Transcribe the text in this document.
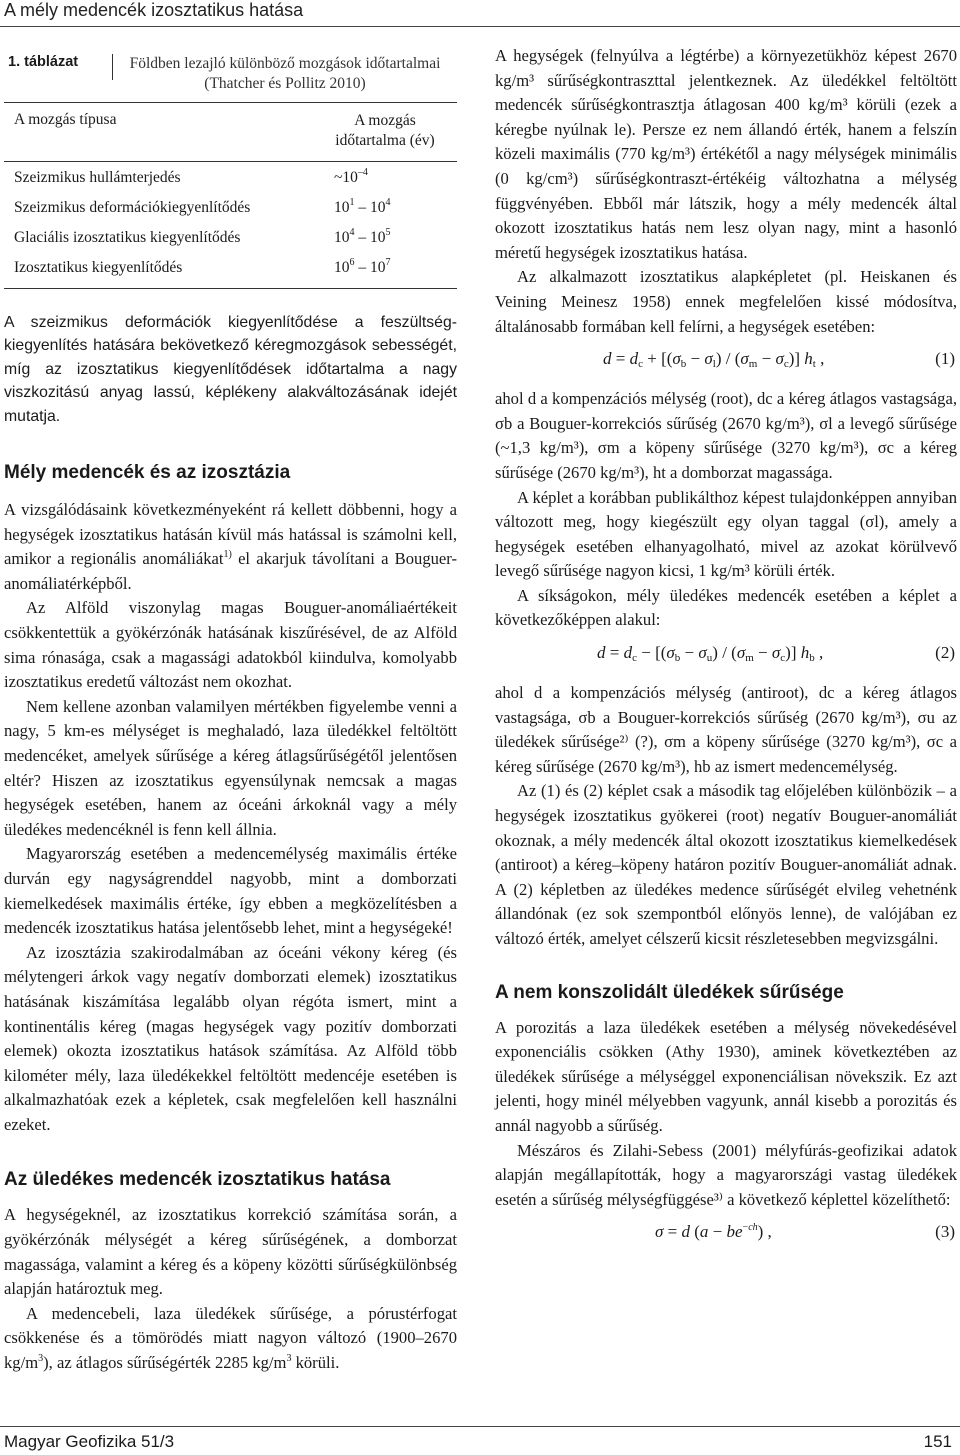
A mély medencék izosztatikus hatása
1. táblázat	Földben lezajló különböző mozgások időtartalmai
(Thatcher és Pollitz 2010)
A mozgás típusa	A mozgás
időtartalma (év)
Szeizmikus hullámterjedés	$\sim 10^{-4}$
Szeizmikus deformációkiegyenlítődés	$10^1 - 10^4$
Glaciális izosztatikus kiegyenlítődés	$10^4 - 10^5$
Izosztatikus kiegyenlítődés	$10^6 - 10^7$

A szeizmikus deformációk kiegyenlítődése a feszültség-kiegyenlítés hatására bekövetkező kéregmozgások sebességét, míg az izosztatikus kiegyenlítődések időtartalma a nagy viszkozitású anyag lassú, képlékeny alakváltozásának idejét mutatja.

Mély medencék és az izosztázia

A vizsgálódásaink következményeként rá kellett döbbenni, hogy a hegységek izosztatikus hatásán kívül más hatással is számolni kell, amikor a regionális anomáliákat$^{1)}$ el akarjuk távolítani a Bouguer-anomáliatérképből.

Az Alföld viszonylag magas Bouguer-anomáliaértékeit csökkentettük a gyökérzónák hatásának kiszűrésével, de az Alföld sima rónasága, csak a magassági adatokból kiindulva, komolyabb izosztatikus eredetű változást nem okozhat.

Nem kellene azonban valamilyen mértékben figyelembe venni a nagy, 5 km-es mélységet is meghaladó, laza üledékkel feltöltött medencéket, amelyek sűrűsége a kéreg átlagsűrűségétől jelentősen eltér? Hiszen az izosztatikus egyensúlynak nemcsak a magas hegységek esetében, hanem az óceáni árkoknál vagy a mély üledékes medencéknél is fenn kell állnia.

Magyarország esetében a medencemélység maximális értéke durván egy nagyságrenddel nagyobb, mint a domborzati kiemelkedések maximális értéke, így ebben a megközelítésben a medencék izosztatikus hatása jelentősebb lehet, mint a hegységeké!

Az izosztázia szakirodalmában az óceáni vékony kéreg (és mélytengeri árkok vagy negatív domborzati elemek) izosztatikus hatásának kiszámítása legalább olyan régóta ismert, mint a kontinentális kéreg (magas hegységek vagy pozitív domborzati elemek) okozta izosztatikus hatások számítása. Az Alföld több kilométer mély, laza üledékekkel feltöltött medencéje esetében is alkalmazhatóak ezek a képletek, csak megfelelően kell használni ezeket.

Az üledékes medencék izosztatikus hatása

A hegységeknél, az izosztatikus korrekció számítása során, a gyökérzónák mélységét a kéreg sűrűségének, a domborzat magassága, valamint a kéreg és a köpeny közötti sűrűségkülönbség alapján határoztuk meg.

A medencebeli, laza üledékek sűrűsége, a pórustérfogat csökkenése és a tömörödés miatt nagyon változó (1900–2670 $kg/m^3$), az átlagos sűrűségérték 2285 $kg/m^3$ körüli.

A hegységek (felnyúlva a légtérbe) a környezetükhöz képest 2670 kg/m³ sűrűségkontraszttal jelentkeznek. Az üledékkel feltöltött medencék sűrűségkontrasztja átlagosan 400 kg/m³ körüli (ezek a kéregbe nyúlnak le). Persze ez nem állandó érték, hanem a felszín közeli maximális (770 kg/m³) értékétől a nagy mélységek minimális (0 kg/cm³) sűrűségkontraszt-értékéig változhatna a mélység függvényében. Ebből már látszik, hogy a mély medencék által okozott izosztatikus hatás nem lesz olyan nagy, mint a hasonló méretű hegységek izosztatikus hatása.

Az alkalmazott izosztatikus alapképletet (pl. Heiskanen és Veining Meinesz 1958) ennek megfelelően kissé módosítva, általánosabb formában kell felírni, a hegységek esetében:

$d = d_c + [(\sigma_b - \sigma_l) / (\sigma_m - \sigma_c)]$ $h_t$ ,	(1)

ahol d a kompenzációs mélység (root), dc a kéreg átlagos vastagsága, σb a Bouguer-korrekciós sűrűség (2670 kg/m³), σl a levegő sűrűsége (~1,3 kg/m³), σm a köpeny sűrűsége (3270 kg/m³), σc a kéreg sűrűsége (2670 kg/m³), ht a domborzat magassága.

A képlet a korábban publikálthoz képest tulajdonképpen annyiban változott meg, hogy kiegészült egy olyan taggal (σl), amely a hegységek esetében elhanyagolható, mivel az azokat körülvevő levegő sűrűsége nagyon kicsi, 1 kg/m³ körüli érték.

A síkságokon, mély üledékes medencék esetében a képlet a következőképpen alakul:

$d = d_c - [(\sigma_b - \sigma_u) / (\sigma_m - \sigma_c)]$ $h_b$ ,	(2)

ahol d a kompenzációs mélység (antiroot), dc a kéreg átlagos vastagsága, σb a Bouguer-korrekciós sűrűség (2670 kg/m³), σu az üledékek sűrűsége²⁾ (?), σm a köpeny sűrűsége (3270 kg/m³), σc a kéreg sűrűsége (2670 kg/m³), hb az ismert medencemélység.

Az (1) és (2) képlet csak a második tag előjelében különbözik – a hegységek izosztatikus gyökerei (root) negatív Bouguer-anomáliát okoznak, a mély medencék által okozott izosztatikus kiemelkedések (antiroot) a kéreg–köpeny határon pozitív Bouguer-anomáliát adnak. A (2) képletben az üledékes medence sűrűségét elvileg vehetnénk állandónak (ez sok szempontból előnyös lenne), de valójában ez változó érték, amelyet célszerű kicsit részletesebben megvizsgálni.

A nem konszolidált üledékek sűrűsége

A porozitás a laza üledékek esetében a mélység növekedésével exponenciális csökken (Athy 1930), aminek következtében az üledékek sűrűsége a mélységgel exponenciálisan növekszik. Ez azt jelenti, hogy minél mélyebben vagyunk, annál kisebb a porozitás és annál nagyobb a sűrűség.

Mészáros és Zilahi-Sebess (2001) mélyfúrás-geofizikai adatok alapján megállapították, hogy a magyarországi vastag üledékek esetén a sűrűség mélységfüggése³⁾ a következő képlettel közelíthető:

σ = d $(a - be^{-ch})$ ,	(3)
Magyar Geofizika 51/3	151
